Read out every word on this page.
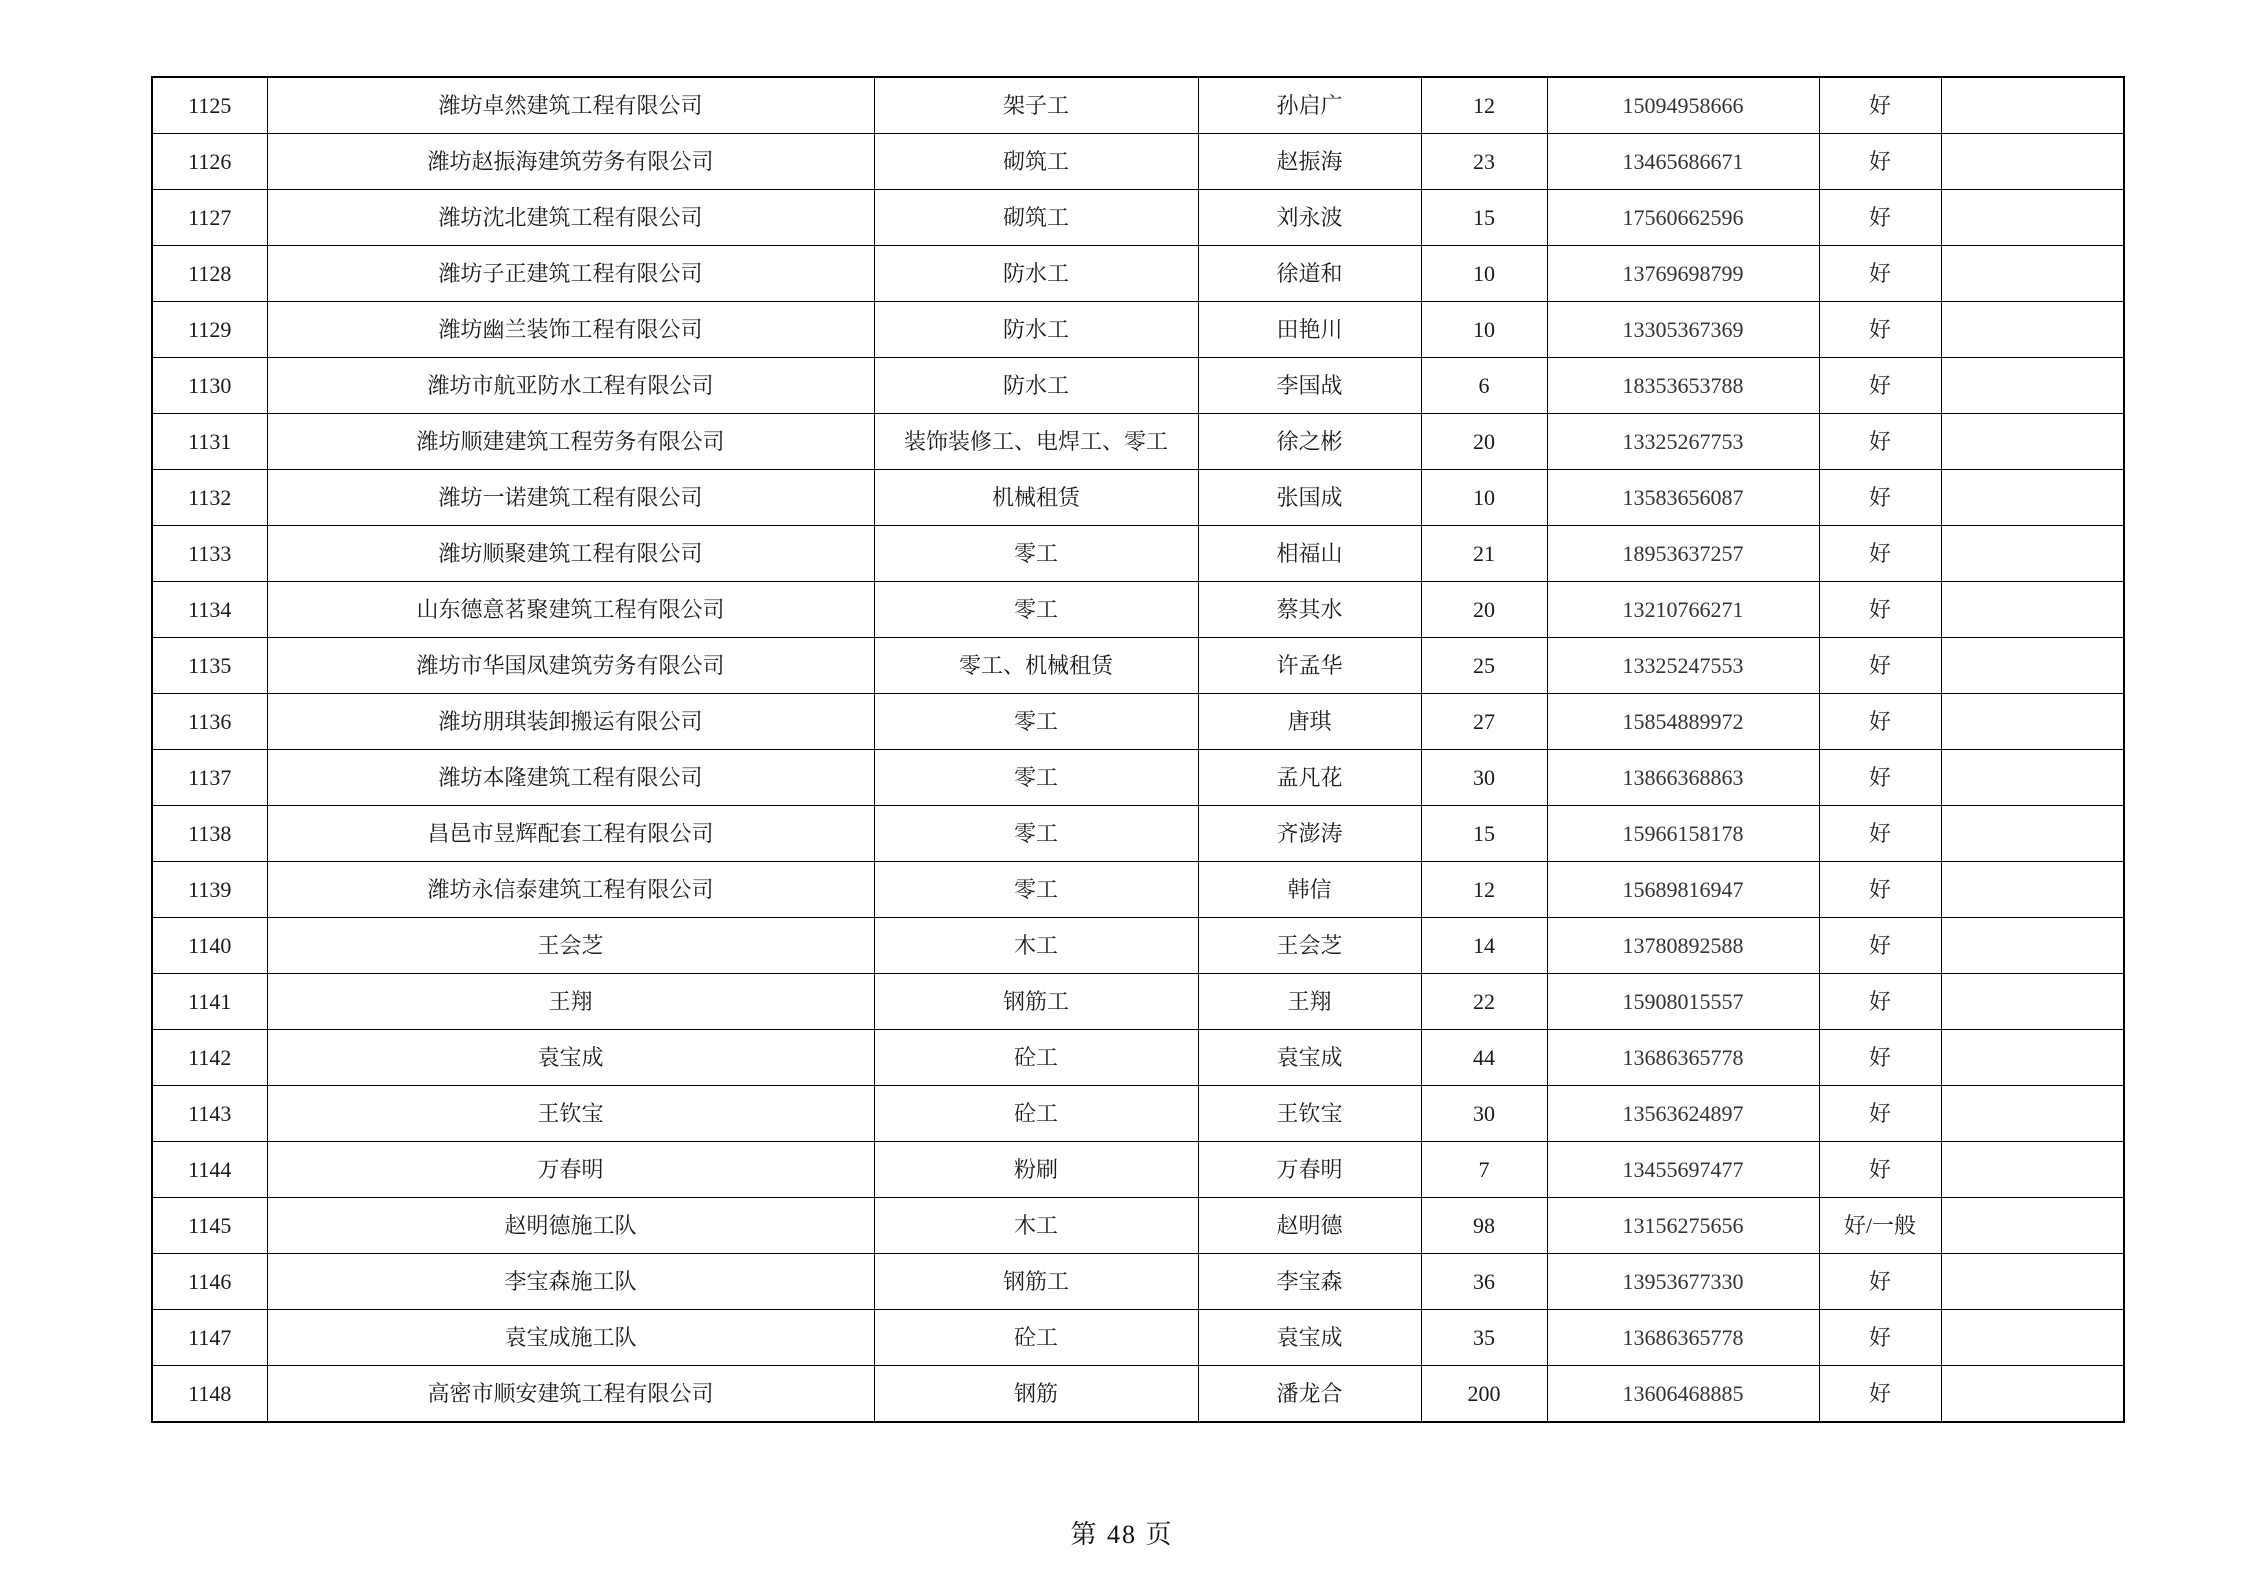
1125	潍坊卓然建筑工程有限公司	架子工	孙启广	12	15094958666	好	
1126	潍坊赵振海建筑劳务有限公司	砌筑工	赵振海	23	13465686671	好	
1127	潍坊沈北建筑工程有限公司	砌筑工	刘永波	15	17560662596	好	
1128	潍坊子正建筑工程有限公司	防水工	徐道和	10	13769698799	好	
1129	潍坊幽兰装饰工程有限公司	防水工	田艳川	10	13305367369	好	
1130	潍坊市航亚防水工程有限公司	防水工	李国战	6	18353653788	好	
1131	潍坊顺建建筑工程劳务有限公司	装饰装修工、电焊工、零工	徐之彬	20	13325267753	好	
1132	潍坊一诺建筑工程有限公司	机械租赁	张国成	10	13583656087	好	
1133	潍坊顺聚建筑工程有限公司	零工	相福山	21	18953637257	好	
1134	山东德意茗聚建筑工程有限公司	零工	蔡其水	20	13210766271	好	
1135	潍坊市华国凤建筑劳务有限公司	零工、机械租赁	许孟华	25	13325247553	好	
1136	潍坊朋琪装卸搬运有限公司	零工	唐琪	27	15854889972	好	
1137	潍坊本隆建筑工程有限公司	零工	孟凡花	30	13866368863	好	
1138	昌邑市昱辉配套工程有限公司	零工	齐澎涛	15	15966158178	好	
1139	潍坊永信泰建筑工程有限公司	零工	韩信	12	15689816947	好	
1140	王会芝	木工	王会芝	14	13780892588	好	
1141	王翔	钢筋工	王翔	22	15908015557	好	
1142	袁宝成	砼工	袁宝成	44	13686365778	好	
1143	王钦宝	砼工	王钦宝	30	13563624897	好	
1144	万春明	粉刷	万春明	7	13455697477	好	
1145	赵明德施工队	木工	赵明德	98	13156275656	好/一般	
1146	李宝森施工队	钢筋工	李宝森	36	13953677330	好	
1147	袁宝成施工队	砼工	袁宝成	35	13686365778	好	
1148	高密市顺安建筑工程有限公司	钢筋	潘龙合	200	13606468885	好	
第 48 页
